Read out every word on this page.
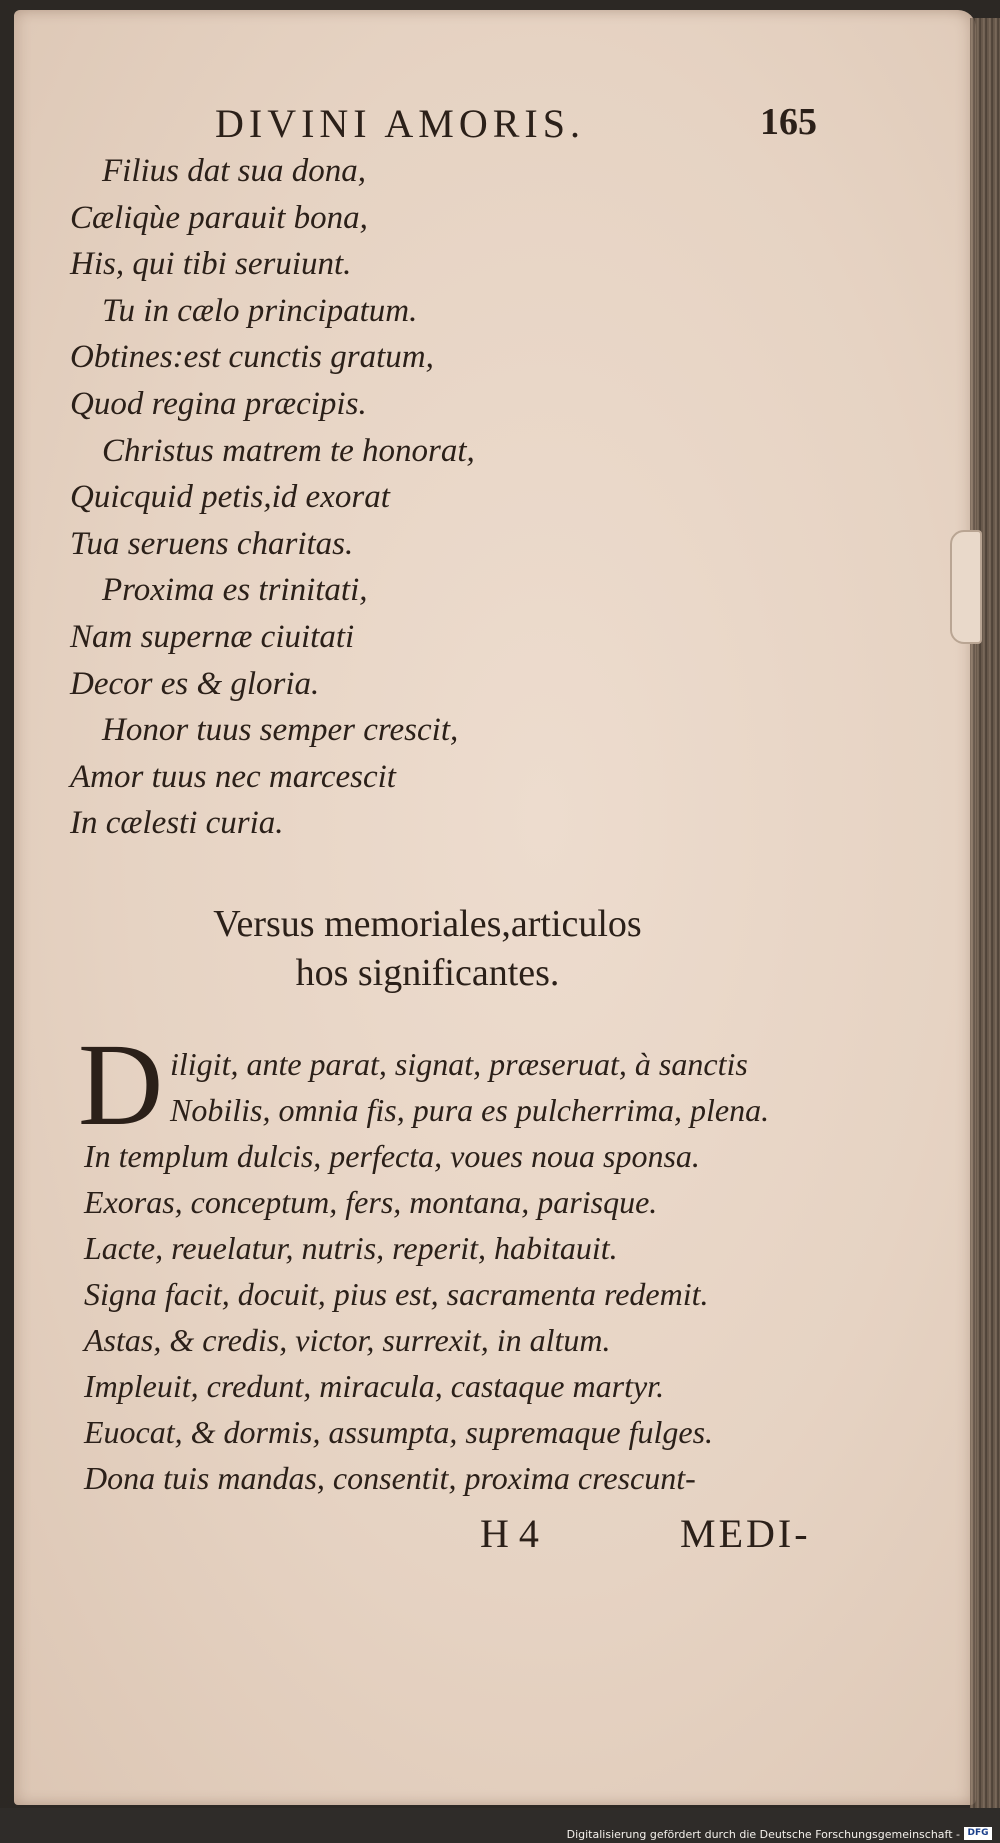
DIVINI AMORIS.	165
Filius dat sua dona,
Cæliqùe parauit bona,
His, qui tibi seruiunt.
Tu in cælo principatum.
Obtines:est cunctis gratum,
Quod regina præcipis.
Christus matrem te honorat,
Quicquid petis,id exorat
Tua seruens charitas.
Proxima es trinitati,
Nam supernæ ciuitati
Decor es & gloria.
Honor tuus semper crescit,
Amor tuus nec marcescit
In cælesti curia.
Versus memoriales,articulos
hos significantes.
D iligit, ante parat, signat, præseruat, à sanctis
Nobilis, omnia fis, pura es pulcherrima, plena.
In templum dulcis, perfecta, voues noua sponsa.
Exoras, conceptum, fers, montana, parisque.
Lacte, reuelatur, nutris, reperit, habitauit.
Signa facit, docuit, pius est, sacramenta redemit.
Astas, & credis, victor, surrexit, in altum.
Impleuit, credunt, miracula, castaque martyr.
Euocat, & dormis, assumpta, supremaque fulges.
Dona tuis mandas, consentit, proxima crescunt-
H 4	MEDI-
Digitalisierung gefördert durch die Deutsche Forschungsgemeinschaft - DFG
